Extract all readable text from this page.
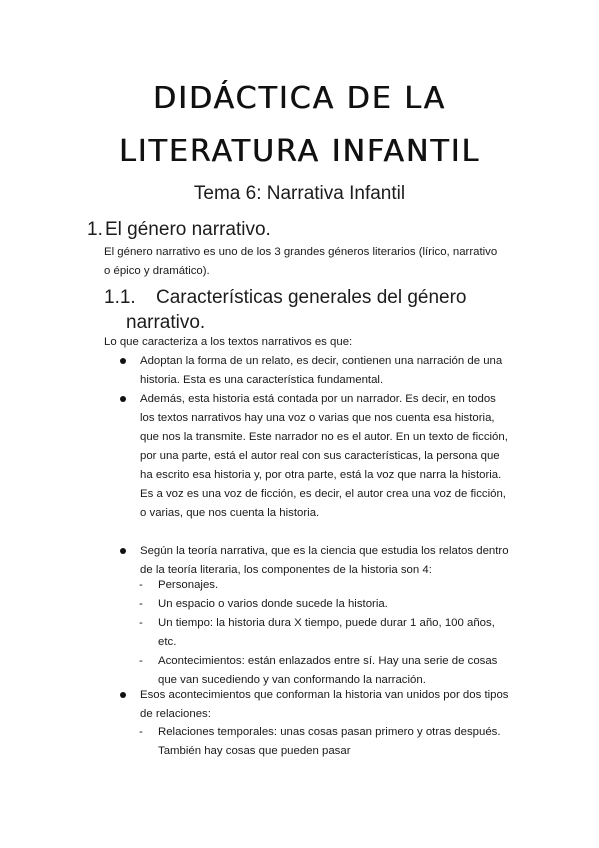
DIDÁCTICA DE LA
LITERATURA INFANTIL
Tema 6: Narrativa Infantil
1. El género narrativo.
El género narrativo es uno de los 3 grandes géneros literarios (lírico, narrativo o épico y dramático).
1.1. Características generales del género
narrativo.
Lo que caracteriza a los textos narrativos es que:
Adoptan la forma de un relato, es decir, contienen una narración de una historia. Esta es una característica fundamental.
Además, esta historia está contada por un narrador. Es decir, en todos los textos narrativos hay una voz o varias que nos cuenta esa historia, que nos la transmite. Este narrador no es el autor. En un texto de ficción, por una parte, está el autor real con sus características, la persona que ha escrito esa historia y, por otra parte, está la voz que narra la historia. Es a voz es una voz de ficción, es decir, el autor crea una voz de ficción, o varias, que nos cuenta la historia.
Según la teoría narrativa, que es la ciencia que estudia los relatos dentro de la teoría literaria, los componentes de la historia son 4:
- Personajes.
- Un espacio o varios donde sucede la historia.
- Un tiempo: la historia dura X tiempo, puede durar 1 año, 100 años, etc.
- Acontecimientos: están enlazados entre sí. Hay una serie de cosas que van sucediendo y van conformando la narración.
Esos acontecimientos que conforman la historia van unidos por dos tipos de relaciones:
- Relaciones temporales: unas cosas pasan primero y otras después. También hay cosas que pueden pasar
